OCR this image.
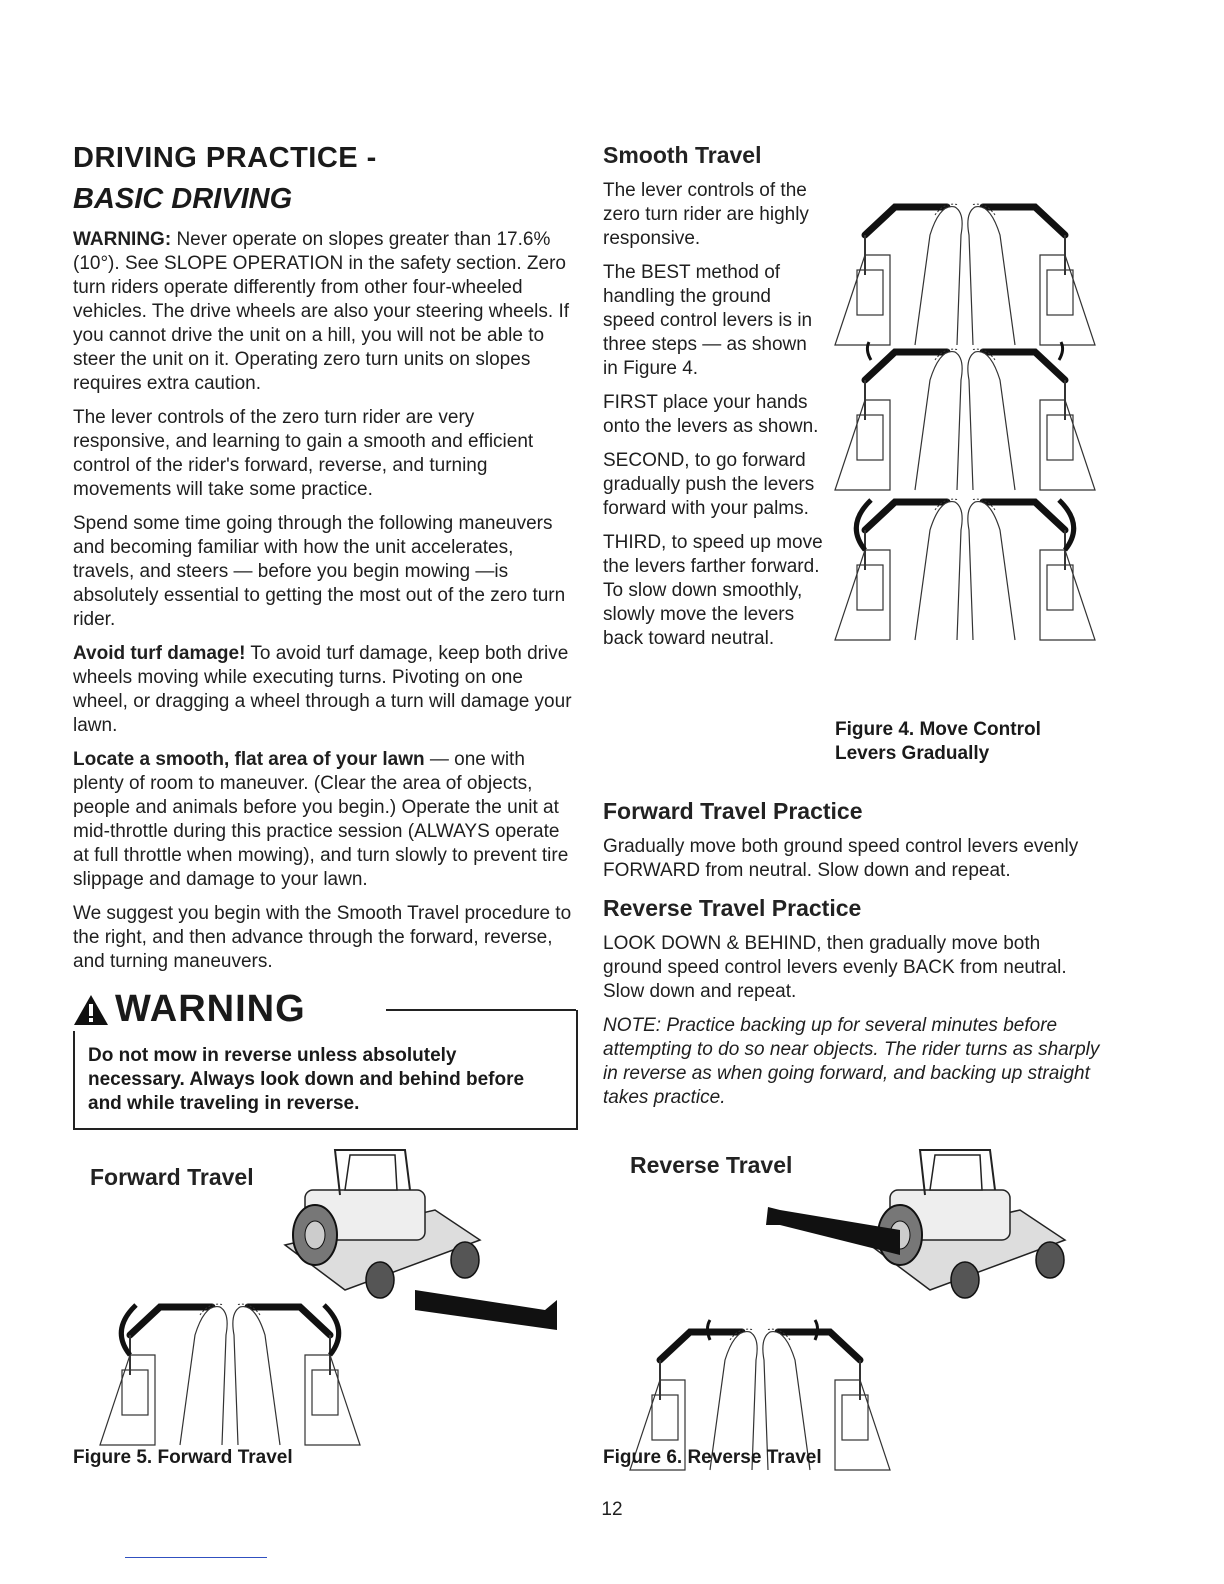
DRIVING PRACTICE -
BASIC DRIVING

WARNING: Never operate on slopes greater than 17.6% (10°). See SLOPE OPERATION in the safety section. Zero turn riders operate differently from other four-wheeled vehicles. The drive wheels are also your steering wheels. If you cannot drive the unit on a hill, you will not be able to steer the unit on it. Operating zero turn units on slopes requires extra caution.

The lever controls of the zero turn rider are very responsive, and learning to gain a smooth and efficient control of the rider's forward, reverse, and turning movements will take some practice.

Spend some time going through the following maneuvers and becoming familiar with how the unit accelerates, travels, and steers — before you begin mowing —is absolutely essential to getting the most out of the zero turn rider.

Avoid turf damage! To avoid turf damage, keep both drive wheels moving while executing turns. Pivoting on one wheel, or dragging a wheel through a turn will damage your lawn.

Locate a smooth, flat area of your lawn — one with plenty of room to maneuver. (Clear the area of objects, people and animals before you begin.) Operate the unit at mid-throttle during this practice session (ALWAYS operate at full throttle when mowing), and turn slowly to prevent tire slippage and damage to your lawn.

We suggest you begin with the Smooth Travel procedure to the right, and then advance through the forward, reverse, and turning maneuvers.

WARNING

Do not mow in reverse unless absolutely necessary. Always look down and behind before and while traveling in reverse.

Smooth Travel

The lever controls of the zero turn rider are highly responsive.

The BEST method of handling the ground speed control levers is in three steps — as shown in Figure 4.

FIRST place your hands onto the levers as shown.

SECOND, to go forward gradually push the levers forward with your palms.

THIRD, to speed up move the levers farther forward. To slow down smoothly, slowly move the levers back toward neutral.

Figure 4. Move Control

Levers Gradually

Forward Travel Practice

Gradually move both ground speed control levers evenly FORWARD from neutral. Slow down and repeat.

Reverse Travel Practice

LOOK DOWN & BEHIND, then gradually move both ground speed control levers evenly BACK from neutral. Slow down and repeat.

NOTE: Practice backing up for several minutes before attempting to do so near objects. The rider turns as sharply in reverse as when going forward, and backing up straight takes practice.

Forward Travel

Figure 5. Forward Travel

Reverse Travel

Figure 6. Reverse Travel

12
